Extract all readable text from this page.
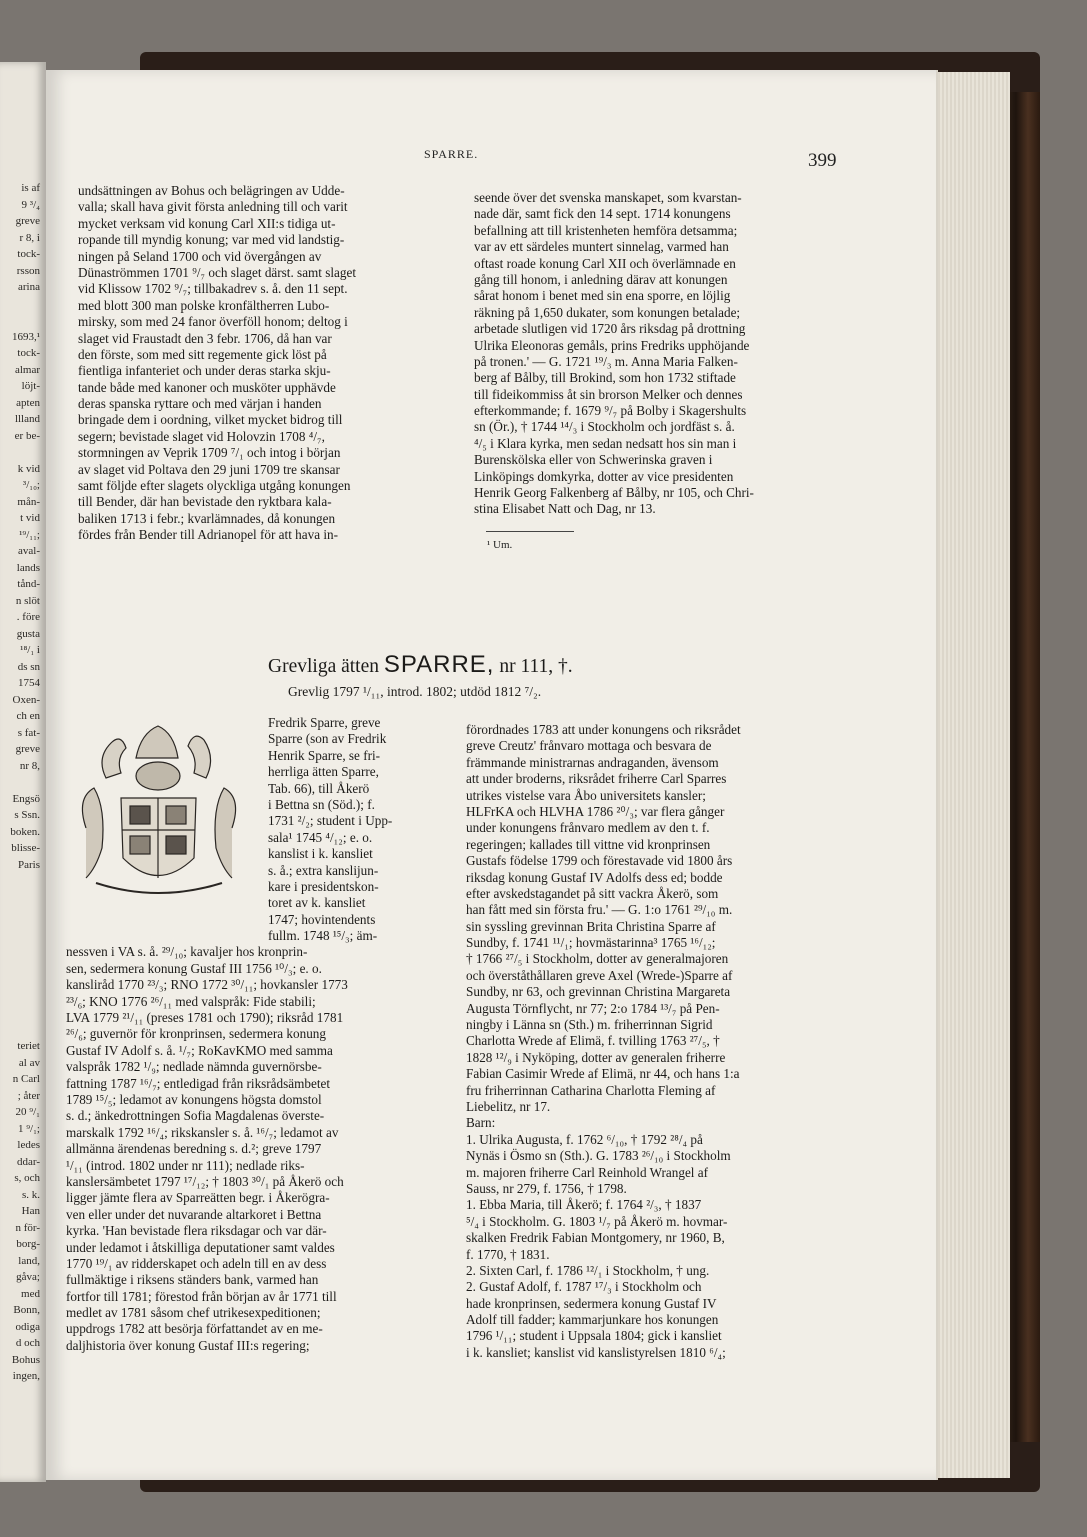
is af
9 ³/₄
greve
r 8, i
tock-
rsson
arina

1693,¹
tock-
almar
löjt-
apten
llland
er be-

k vid
³/₁₀;
mån-
t vid
¹⁹/₁₁;
aval-
lands
tånd-
n slöt
. före
gusta
¹⁸/₁ i
ds sn
1754
Oxen-
ch en
s fat-
greve
nr 8,

Engsö
s Ssn.
boken.
blisse-
Paris

teriet
al av
n Carl
; åter
20 ⁹/₁
1 ⁹/₁;
ledes
ddar-
s, och
s. k.
Han
n för-
borg-
land,
gåva;
med
Bonn,
odiga
d och
Bohus
ingen,
SPARRE.	399
undsättningen av Bohus och belägringen av Udde-
valla; skall hava givit första anledning till och varit
mycket verksam vid konung Carl XII:s tidiga ut-
ropande till myndig konung; var med vid landstig-
ningen på Seland 1700 och vid övergången av
Dünaströmmen 1701 ⁹/₇ och slaget därst. samt slaget
vid Klissow 1702 ⁹/₇; tillbakadrev s. å. den 11 sept.
med blott 300 man polske kronfältherren Lubo-
mirsky, som med 24 fanor överföll honom; deltog i
slaget vid Fraustadt den 3 febr. 1706, då han var
den förste, som med sitt regemente gick löst på
fientliga infanteriet och under deras starka skju-
tande både med kanoner och musköter upphävde
deras spanska ryttare och med värjan i handen
bringade dem i oordning, vilket mycket bidrog till
segern; bevistade slaget vid Holovzin 1708 ⁴/₇,
stormningen av Veprik 1709 ⁷/₁ och intog i början
av slaget vid Poltava den 29 juni 1709 tre skansar
samt följde efter slagets olyckliga utgång konungen
till Bender, där han bevistade den ryktbara kala-
baliken 1713 i febr.; kvarlämnades, då konungen
fördes från Bender till Adrianopel för att hava in-
seende över det svenska manskapet, som kvarstan-
nade där, samt fick den 14 sept. 1714 konungens
befallning att till kristenheten hemföra detsamma;
var av ett särdeles muntert sinnelag, varmed han
oftast roade konung Carl XII och överlämnade en
gång till honom, i anledning därav att konungen
sårat honom i benet med sin ena sporre, en löjlig
räkning på 1,650 dukater, som konungen betalade;
arbetade slutligen vid 1720 års riksdag på drottning
Ulrika Eleonoras gemåls, prins Fredriks upphöjande
på tronen.' — G. 1721 ¹⁹/₃ m. Anna Maria Falken-
berg af Bålby, till Brokind, som hon 1732 stiftade
till fideikommiss åt sin brorson Melker och dennes
efterkommande; f. 1679 ⁹/₇ på Bolby i Skagershults
sn (Ör.), † 1744 ¹⁴/₃ i Stockholm och jordfäst s. å.
⁴/₅ i Klara kyrka, men sedan nedsatt hos sin man i
Burenskölska eller von Schwerinska graven i
Linköpings domkyrka, dotter av vice presidenten
Henrik Georg Falkenberg af Bålby, nr 105, och Chri-
stina Elisabet Natt och Dag, nr 13.
¹ Um.
Grevliga ätten SPARRE, nr 111, †.
Grevlig 1797 ¹/₁₁, introd. 1802; utdöd 1812 ⁷/₂.
Fredrik Sparre, greve
Sparre (son av Fredrik
Henrik Sparre, se fri-
herrliga ätten Sparre,
Tab. 66), till Åkerö
i Bettna sn (Söd.); f.
1731 ²/₂; student i Upp-
sala¹ 1745 ⁴/₁₂; e. o.
kanslist i k. kansliet
s. å.; extra kanslijun-
kare i presidentskon-
toret av k. kansliet
1747; hovintendents
fullm. 1748 ¹⁵/₃; äm-
nessven i VA s. å. ²⁹/₁₀; kavaljer hos kronprin-
sen, sedermera konung Gustaf III 1756 ¹⁰/₃; e. o.
kansliråd 1770 ²³/₃; RNO 1772 ³⁰/₁₁; hovkansler 1773
²³/₆; KNO 1776 ²⁶/₁₁ med valspråk: Fide stabili;
LVA 1779 ²¹/₁₁ (preses 1781 och 1790); riksråd 1781
²⁶/₆; guvernör för kronprinsen, sedermera konung
Gustaf IV Adolf s. å. ¹/₇; RoKavKMO med samma
valspråk 1782 ¹/₉; nedlade nämnda guvernörsbe-
fattning 1787 ¹⁶/₇; entledigad från riksrådsämbetet
1789 ¹⁵/₅; ledamot av konungens högsta domstol
s. d.; änkedrottningen Sofia Magdalenas överste-
marskalk 1792 ¹⁶/₄; rikskansler s. å. ¹⁶/₇; ledamot av
allmänna ärendenas beredning s. d.²; greve 1797
¹/₁₁ (introd. 1802 under nr 111); nedlade riks-
kanslersämbetet 1797 ¹⁷/₁₂; † 1803 ³⁰/₁ på Åkerö och
ligger jämte flera av Sparreätten begr. i Åkerögra-
ven eller under det nuvarande altarkoret i Bettna
kyrka. 'Han bevistade flera riksdagar och var där-
under ledamot i åtskilliga deputationer samt valdes
1770 ¹⁹/₁ av ridderskapet och adeln till en av dess
fullmäktige i riksens ständers bank, varmed han
fortfor till 1781; förestod från början av år 1771 till
medlet av 1781 såsom chef utrikesexpeditionen;
uppdrogs 1782 att besörja författandet av en me-
daljhistoria över konung Gustaf III:s regering;
förordnades 1783 att under konungens och riksrådet
greve Creutz' frånvaro mottaga och besvara de
främmande ministrarnas andraganden, ävensom
att under broderns, riksrådet friherre Carl Sparres
utrikes vistelse vara Åbo universitets kansler;
HLFrKA och HLVHA 1786 ²⁰/₃; var flera gånger
under konungens frånvaro medlem av den t. f.
regeringen; kallades till vittne vid kronprinsen
Gustafs födelse 1799 och förestavade vid 1800 års
riksdag konung Gustaf IV Adolfs dess ed; bodde
efter avskedstagandet på sitt vackra Åkerö, som
han fått med sin första fru.' — G. 1:o 1761 ²⁹/₁₀ m.
sin syssling grevinnan Brita Christina Sparre af
Sundby, f. 1741 ¹¹/₁; hovmästarinna³ 1765 ¹⁶/₁₂;
† 1766 ²⁷/₅ i Stockholm, dotter av generalmajoren
och överståthållaren greve Axel (Wrede-)Sparre af
Sundby, nr 63, och grevinnan Christina Margareta
Augusta Törnflycht, nr 77; 2:o 1784 ¹³/₇ på Pen-
ningby i Länna sn (Sth.) m. friherrinnan Sigrid
Charlotta Wrede af Elimä, f. tvilling 1763 ²⁷/₅, †
1828 ¹²/₉ i Nyköping, dotter av generalen friherre
Fabian Casimir Wrede af Elimä, nr 44, och hans 1:a
fru friherrinnan Catharina Charlotta Fleming af
Liebelitz, nr 17.
Barn:
1. Ulrika Augusta, f. 1762 ⁶/₁₀, † 1792 ²⁸/₄ på
Nynäs i Ösmo sn (Sth.). G. 1783 ²⁶/₁₀ i Stockholm
m. majoren friherre Carl Reinhold Wrangel af
Sauss, nr 279, f. 1756, † 1798.
1. Ebba Maria, till Åkerö; f. 1764 ²/₃, † 1837
⁵/₄ i Stockholm. G. 1803 ¹/₇ på Åkerö m. hovmar-
skalken Fredrik Fabian Montgomery, nr 1960, B,
f. 1770, † 1831.
2. Sixten Carl, f. 1786 ¹²/₁ i Stockholm, † ung.
2. Gustaf Adolf, f. 1787 ¹⁷/₃ i Stockholm och
hade kronprinsen, sedermera konung Gustaf IV
Adolf till fadder; kammarjunkare hos konungen
1796 ¹/₁₁; student i Uppsala 1804; gick i kansliet
i k. kansliet; kanslist vid kanslistyrelsen 1810 ⁶/₄;
